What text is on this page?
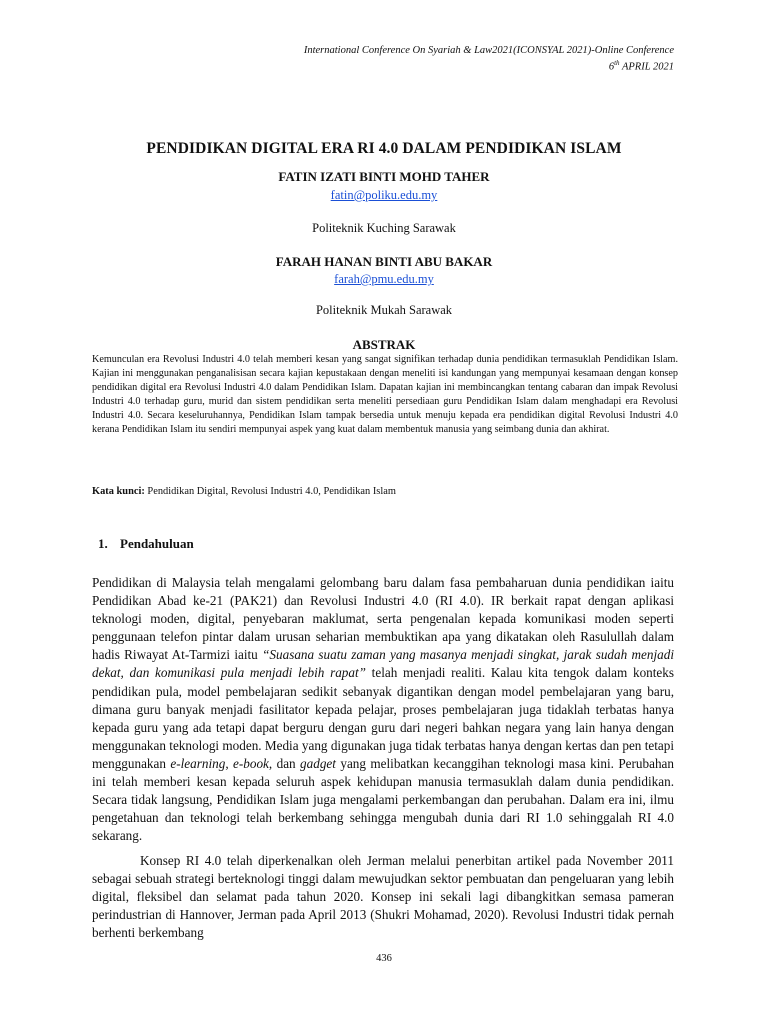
International Conference On Syariah & Law2021(ICONSYAL 2021)-Online Conference
6th APRIL 2021
PENDIDIKAN DIGITAL ERA RI 4.0 DALAM PENDIDIKAN ISLAM
FATIN IZATI BINTI MOHD TAHER
fatin@poliku.edu.my
Politeknik Kuching Sarawak
FARAH HANAN BINTI ABU BAKAR
farah@pmu.edu.my
Politeknik Mukah Sarawak
ABSTRAK

Kemunculan era Revolusi Industri 4.0 telah memberi kesan yang sangat signifikan terhadap dunia pendidikan termasuklah Pendidikan Islam. Kajian ini menggunakan penganalisisan secara kajian kepustakaan dengan meneliti isi kandungan yang mempunyai kesamaan dengan konsep pendidikan digital era Revolusi Industri 4.0 dalam Pendidikan Islam. Dapatan kajian ini membincangkan tentang cabaran dan impak Revolusi Industri 4.0 terhadap guru, murid dan sistem pendidikan serta meneliti persediaan guru Pendidikan Islam dalam menghadapi era Revolusi Industri 4.0. Secara keseluruhannya, Pendidikan Islam tampak bersedia untuk menuju kepada era pendidikan digital Revolusi Industri 4.0 kerana Pendidikan Islam itu sendiri mempunyai aspek yang kuat dalam membentuk manusia yang seimbang dunia dan akhirat.

Kata kunci: Pendidikan Digital, Revolusi Industri 4.0, Pendidikan Islam

1. Pendahuluan

Pendidikan di Malaysia telah mengalami gelombang baru dalam fasa pembaharuan dunia pendidikan iaitu Pendidikan Abad ke-21 (PAK21) dan Revolusi Industri 4.0 (RI 4.0). IR berkait rapat dengan aplikasi teknologi moden, digital, penyebaran maklumat, serta pengenalan kepada komunikasi moden seperti penggunaan telefon pintar dalam urusan seharian membuktikan apa yang dikatakan oleh Rasulullah dalam hadis Riwayat At-Tarmizi iaitu “Suasana suatu zaman yang masanya menjadi singkat, jarak sudah menjadi dekat, dan komunikasi pula menjadi lebih rapat” telah menjadi realiti. Kalau kita tengok dalam konteks pendidikan pula, model pembelajaran sedikit sebanyak digantikan dengan model pembelajaran yang baru, dimana guru banyak menjadi fasilitator kepada pelajar, proses pembelajaran juga tidaklah terbatas hanya kepada guru yang ada tetapi dapat berguru dengan guru dari negeri bahkan negara yang lain hanya dengan menggunakan teknologi moden. Media yang digunakan juga tidak terbatas hanya dengan kertas dan pen tetapi menggunakan e-learning, e-book, dan gadget yang melibatkan kecanggihan teknologi masa kini. Perubahan ini telah memberi kesan kepada seluruh aspek kehidupan manusia termasuklah dalam dunia pendidikan. Secara tidak langsung, Pendidikan Islam juga mengalami perkembangan dan perubahan. Dalam era ini, ilmu pengetahuan dan teknologi telah berkembang sehingga mengubah dunia dari RI 1.0 sehinggalah RI 4.0 sekarang.

Konsep RI 4.0 telah diperkenalkan oleh Jerman melalui penerbitan artikel pada November 2011 sebagai sebuah strategi berteknologi tinggi dalam mewujudkan sektor pembuatan dan pengeluaran yang lebih digital, fleksibel dan selamat pada tahun 2020. Konsep ini sekali lagi dibangkitkan semasa pameran perindustrian di Hannover, Jerman pada April 2013 (Shukri Mohamad, 2020). Revolusi Industri tidak pernah berhenti berkembang

436
